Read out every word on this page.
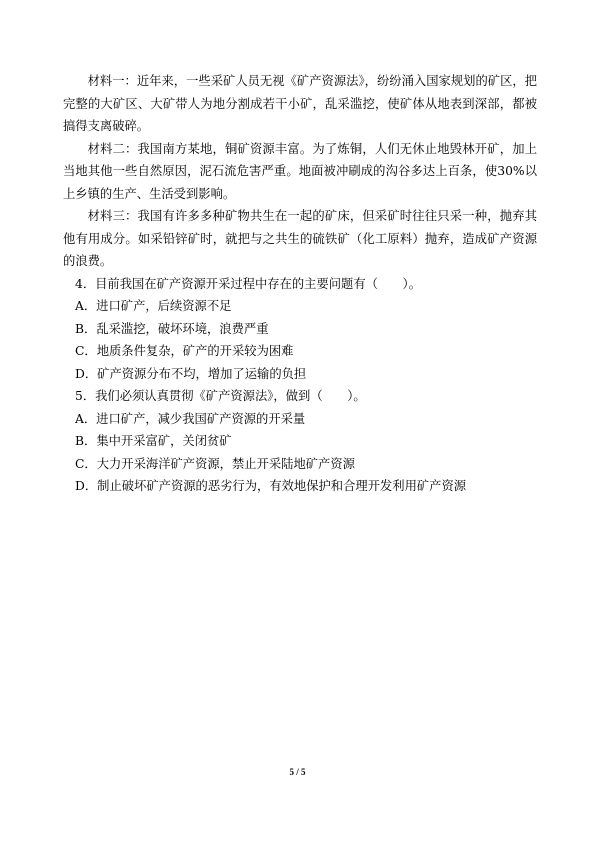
材料一：近年来，一些采矿人员无视《矿产资源法》，纷纷涌入国家规划的矿区，把完整的大矿区、大矿带人为地分割成若干小矿，乱采滥挖，使矿体从地表到深部，都被搞得支离破碎。

材料二：我国南方某地，铜矿资源丰富。为了炼铜，人们无休止地毁林开矿，加上当地其他一些自然原因，泥石流危害严重。地面被冲刷成的沟谷多达上百条，使30%以上乡镇的生产、生活受到影响。

材料三：我国有许多多种矿物共生在一起的矿床，但采矿时往往只采一种，抛弃其他有用成分。如采铅锌矿时，就把与之共生的硫铁矿（化工原料）抛弃，造成矿产资源的浪费。

4．目前我国在矿产资源开采过程中存在的主要问题有（　　）。

A．进口矿产，后续资源不足

B．乱采滥挖，破坏环境，浪费严重

C．地质条件复杂，矿产的开采较为困难

D．矿产资源分布不均，增加了运输的负担

5．我们必须认真贯彻《矿产资源法》，做到（　　）。

A．进口矿产，减少我国矿产资源的开采量

B．集中开采富矿，关闭贫矿

C．大力开采海洋矿产资源，禁止开采陆地矿产资源

D．制止破坏矿产资源的恶劣行为，有效地保护和合理开发利用矿产资源

5 / 5
